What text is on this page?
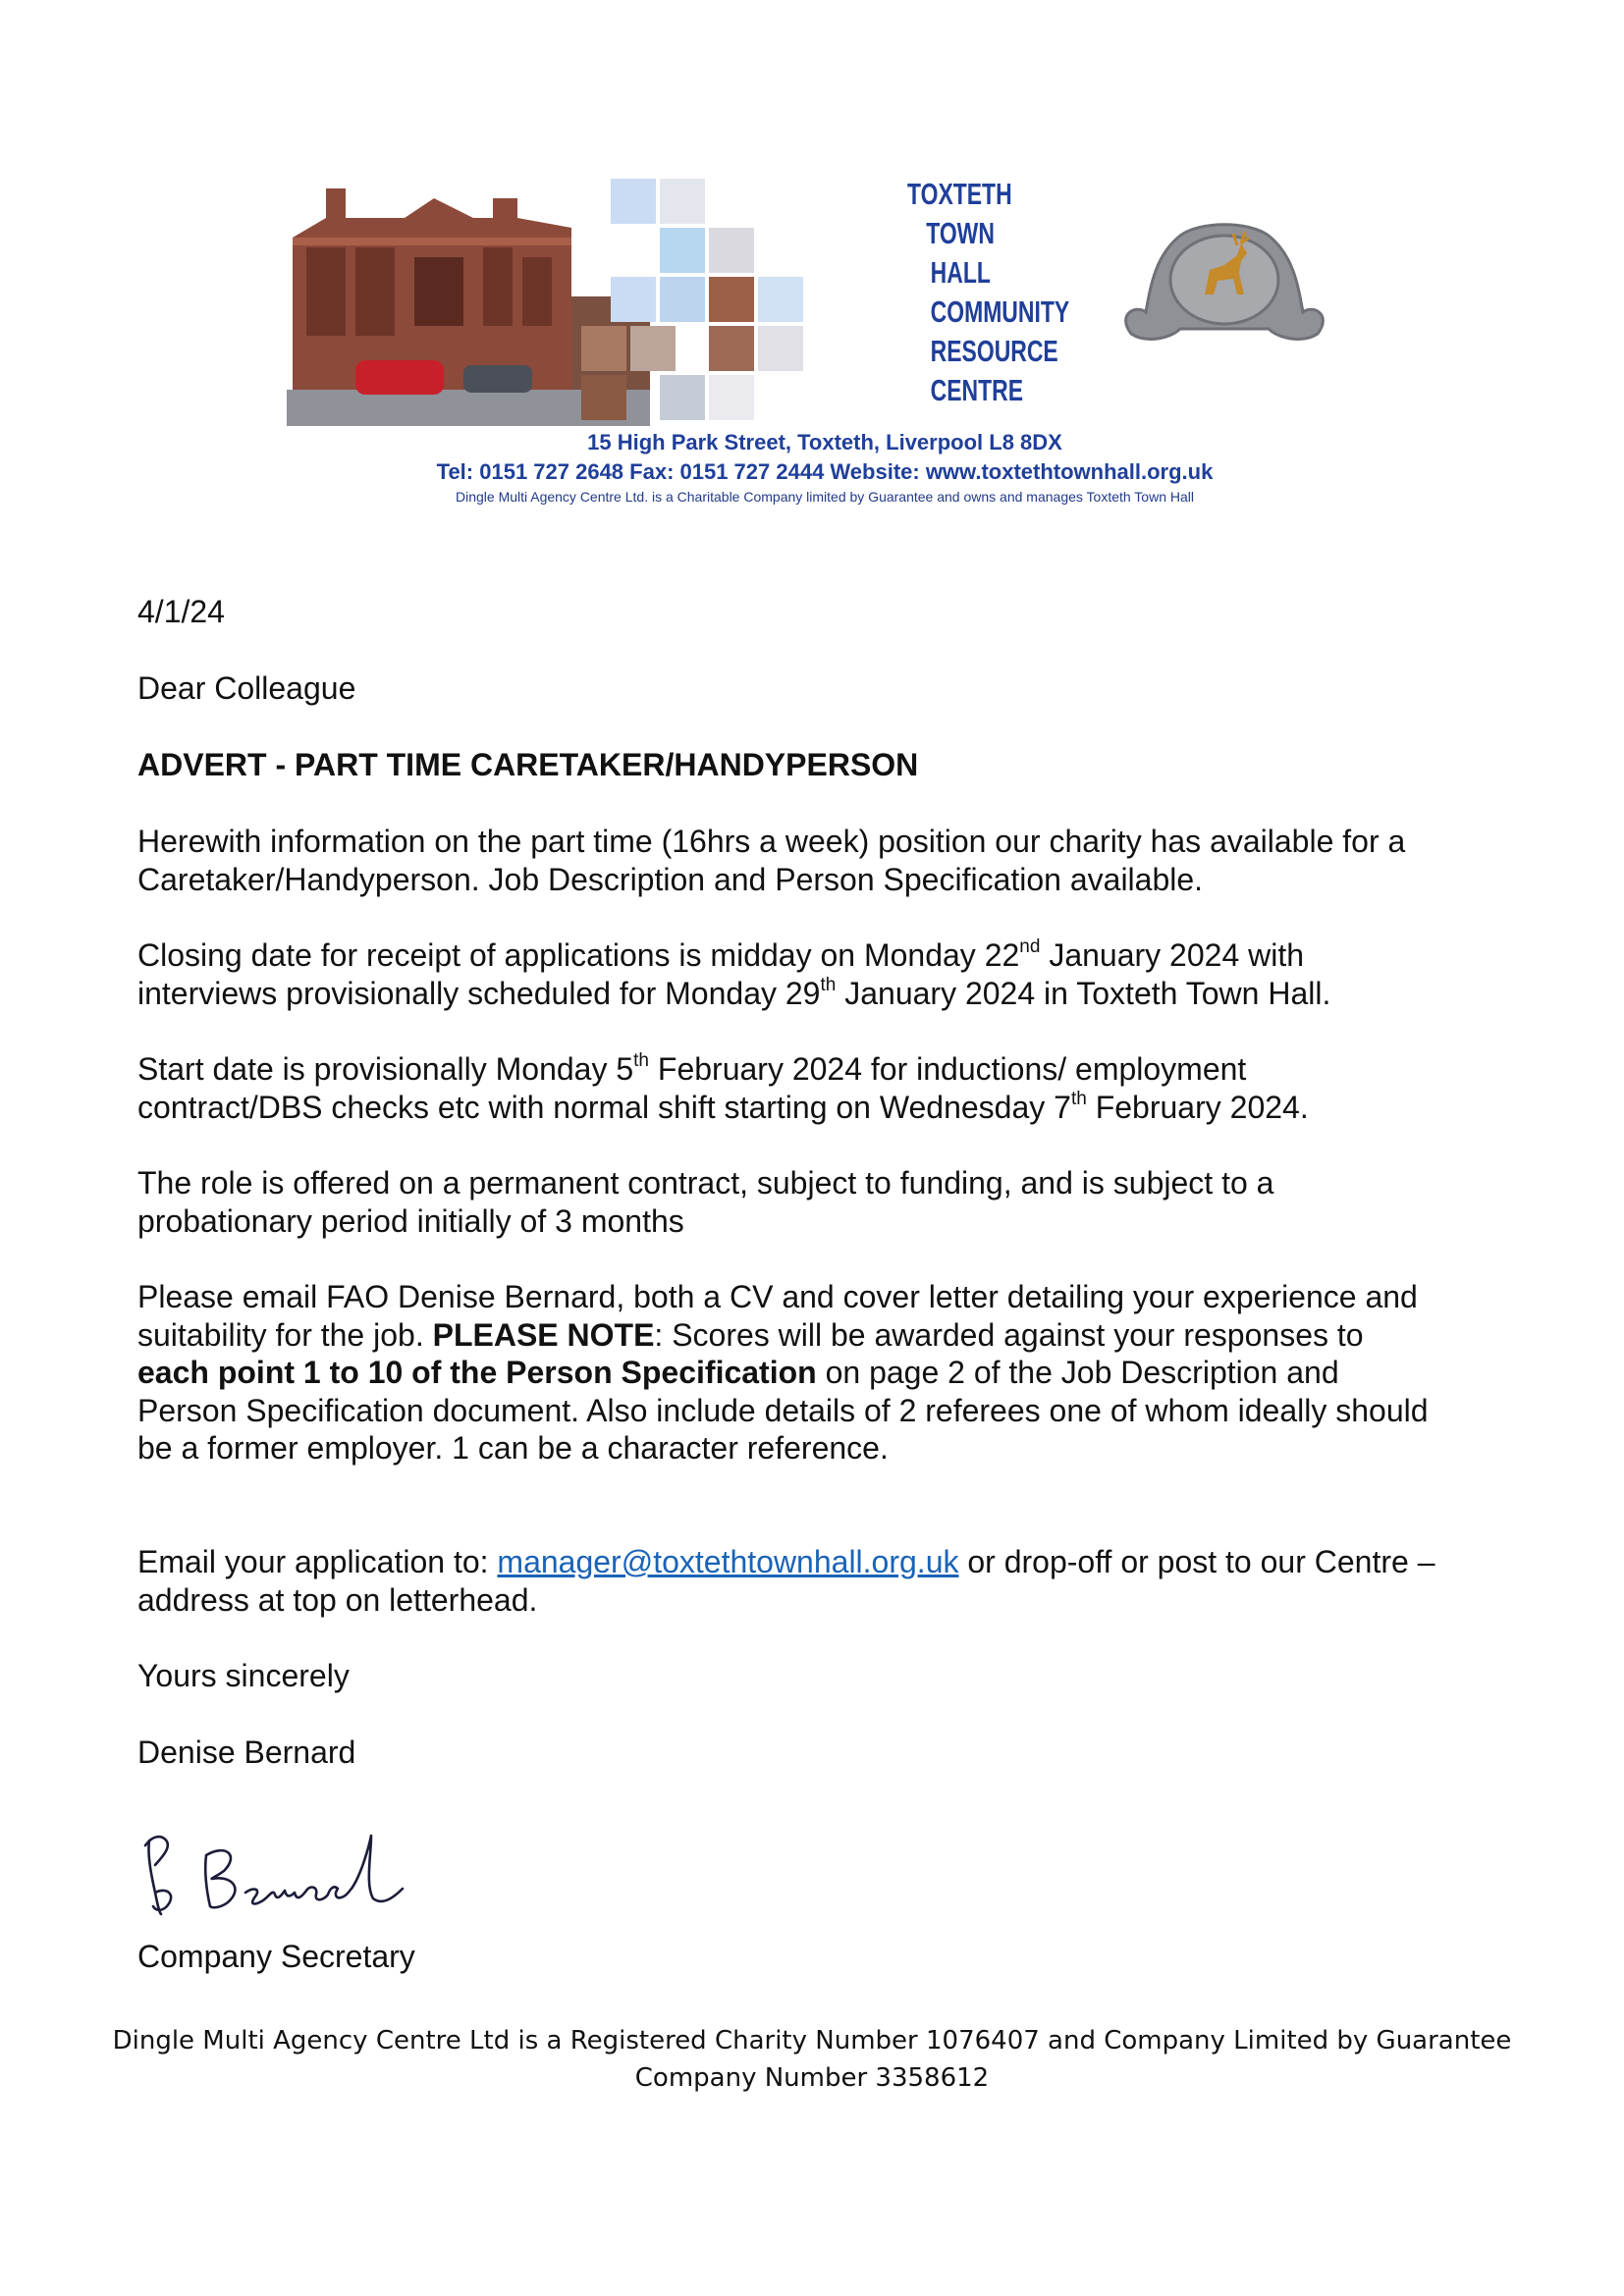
TOXTETH
TOWN
HALL
COMMUNITY
RESOURCE
CENTRE

15 High Park Street, Toxteth, Liverpool L8 8DX

Tel: 0151 727 2648 Fax: 0151 727 2444 Website: www.toxtethtownhall.org.uk

Dingle Multi Agency Centre Ltd. is a Charitable Company limited by Guarantee and owns and manages Toxteth Town Hall

4/1/24

Dear Colleague

ADVERT - PART TIME CARETAKER/HANDYPERSON

Herewith information on the part time (16hrs a week) position our charity has available for a
Caretaker/Handyperson. Job Description and Person Specification available.
Closing date for receipt of applications is midday on Monday 22nd January 2024 with
interviews provisionally scheduled for Monday 29th January 2024 in Toxteth Town Hall.
Start date is provisionally Monday 5th February 2024 for inductions/ employment
contract/DBS checks etc with normal shift starting on Wednesday 7th February 2024.
The role is offered on a permanent contract, subject to funding, and is subject to a
probationary period initially of 3 months
Please email FAO Denise Bernard, both a CV and cover letter detailing your experience and
suitability for the job. PLEASE NOTE: Scores will be awarded against your responses to
each point 1 to 10 of the Person Specification on page 2 of the Job Description and
Person Specification document. Also include details of 2 referees one of whom ideally should
be a former employer. 1 can be a character reference.
Email your application to: manager@toxtethtownhall.org.uk or drop-off or post to our Centre –
address at top on letterhead.

Yours sincerely

Denise Bernard

Company Secretary

Dingle Multi Agency Centre Ltd is a Registered Charity Number 1076407 and Company Limited by Guarantee
Company Number 3358612
